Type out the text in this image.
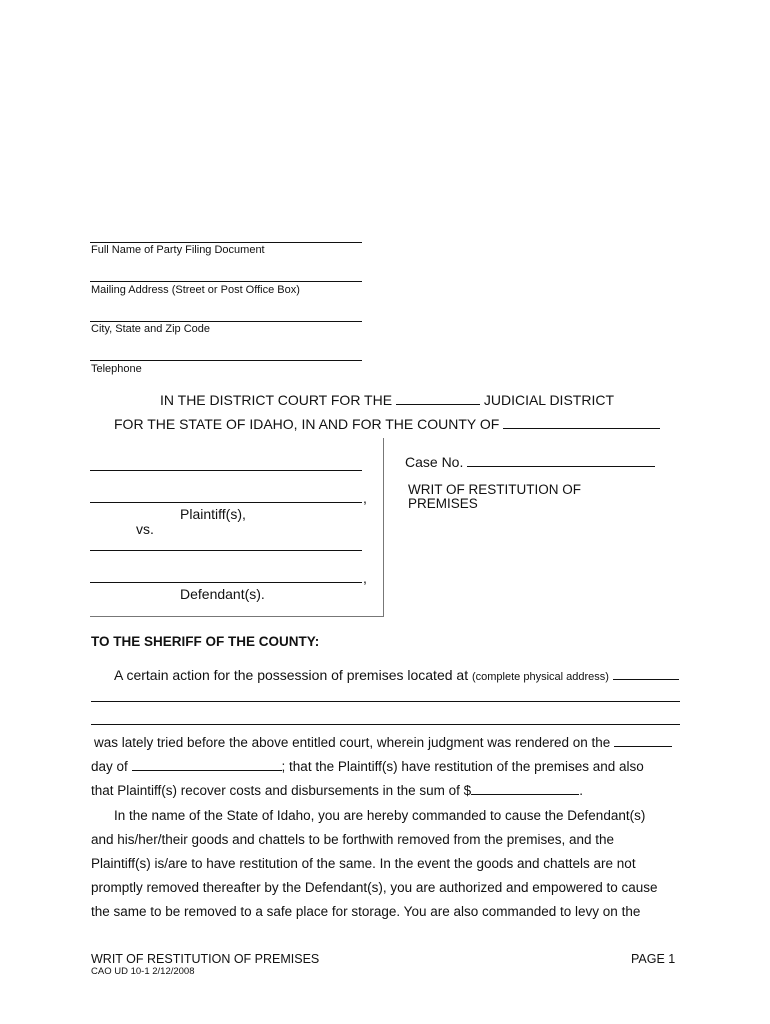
Full Name of Party Filing Document
Mailing Address (Street or Post Office Box)
City, State and Zip Code
Telephone
IN THE DISTRICT COURT FOR THE	JUDICIAL DISTRICT
FOR THE STATE OF IDAHO, IN AND FOR THE COUNTY OF
,
Plaintiff(s),
vs.
,
Defendant(s).
Case No.
WRIT OF RESTITUTION OF
PREMISES
TO THE SHERIFF OF THE COUNTY:
A certain action for the possession of premises located at (complete physical address)
was lately tried before the above entitled court, wherein judgment was rendered on the
day of	; that the Plaintiff(s) have restitution of the premises and also
that Plaintiff(s) recover costs and disbursements in the sum of $	.
In the name of the State of Idaho, you are hereby commanded to cause the Defendant(s)
and his/her/their goods and chattels to be forthwith removed from the premises, and the
Plaintiff(s) is/are to have restitution of the same. In the event the goods and chattels are not
promptly removed thereafter by the Defendant(s), you are authorized and empowered to cause
the same to be removed to a safe place for storage. You are also commanded to levy on the
WRIT OF RESTITUTION OF PREMISES	PAGE 1
CAO UD 10-1 2/12/2008
